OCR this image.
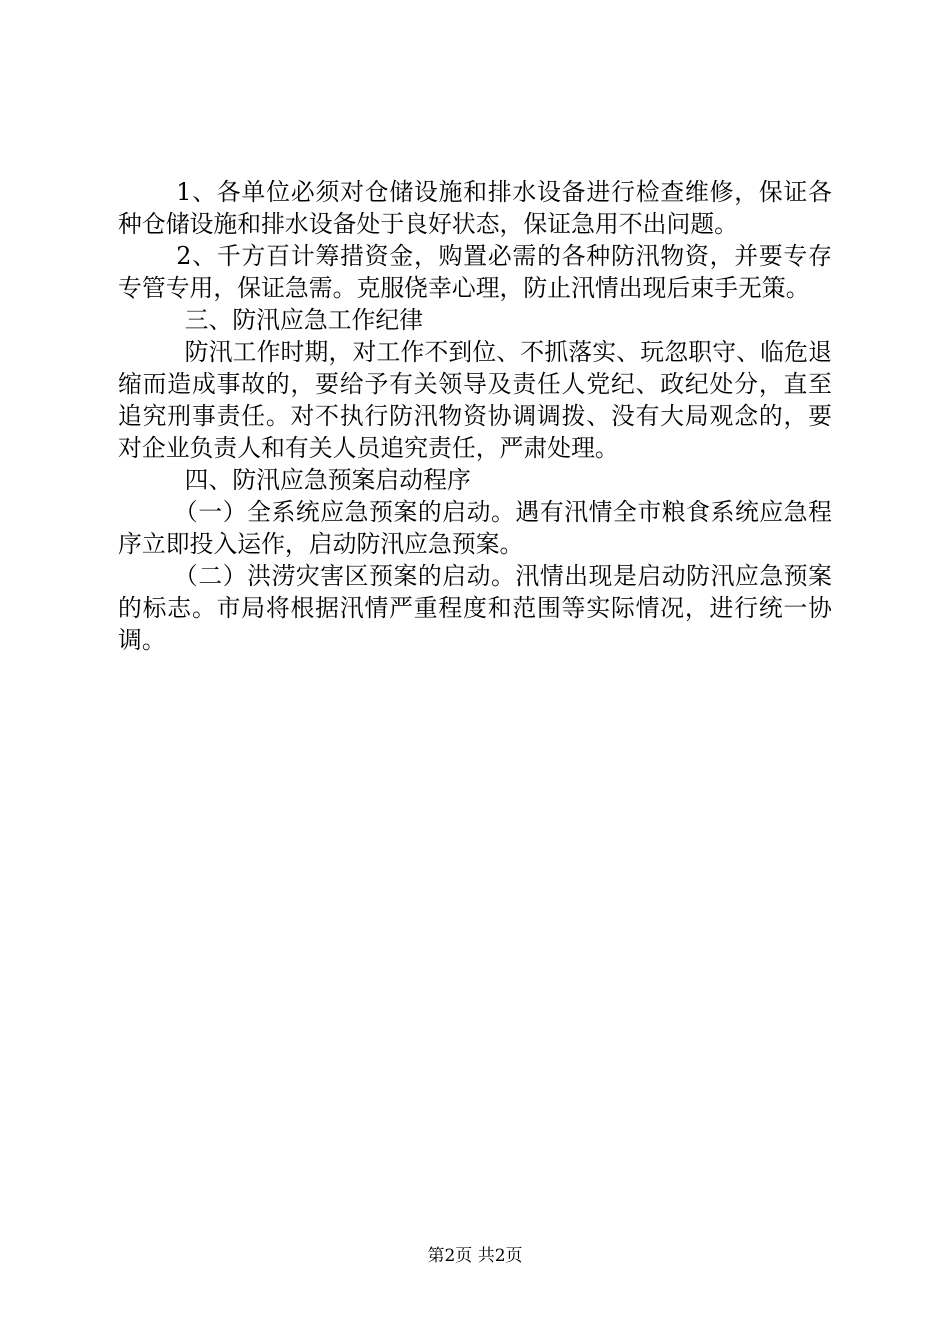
1、各单位必须对仓储设施和排水设备进行检查维修，保证各种仓储设施和排水设备处于良好状态，保证急用不出问题。

2、千方百计筹措资金，购置必需的各种防汛物资，并要专存专管专用，保证急需。克服侥幸心理，防止汛情出现后束手无策。

三、防汛应急工作纪律

防汛工作时期，对工作不到位、不抓落实、玩忽职守、临危退缩而造成事故的，要给予有关领导及责任人党纪、政纪处分，直至追究刑事责任。对不执行防汛物资协调调拨、没有大局观念的，要对企业负责人和有关人员追究责任，严肃处理。

四、防汛应急预案启动程序

（一）全系统应急预案的启动。遇有汛情全市粮食系统应急程序立即投入运作，启动防汛应急预案。

（二）洪涝灾害区预案的启动。汛情出现是启动防汛应急预案的标志。市局将根据汛情严重程度和范围等实际情况，进行统一协调。

第2页 共2页
